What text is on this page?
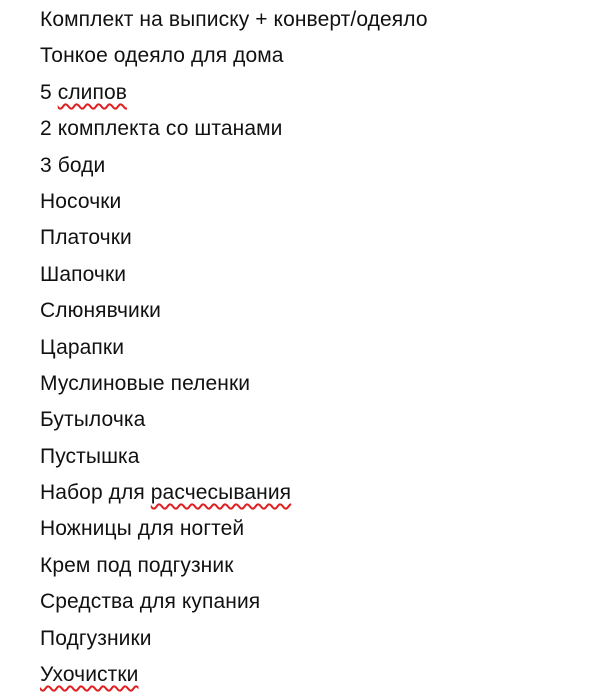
Комплект на выписку + конверт/одеяло
Тонкое одеяло для дома
5 слипов
2 комплекта со штанами
3 боди
Носочки
Платочки
Шапочки
Слюнявчики
Царапки
Муслиновые пеленки
Бутылочка
Пустышка
Набор для расчесывания
Ножницы для ногтей
Крем под подгузник
Средства для купания
Подгузники
Ухочистки
